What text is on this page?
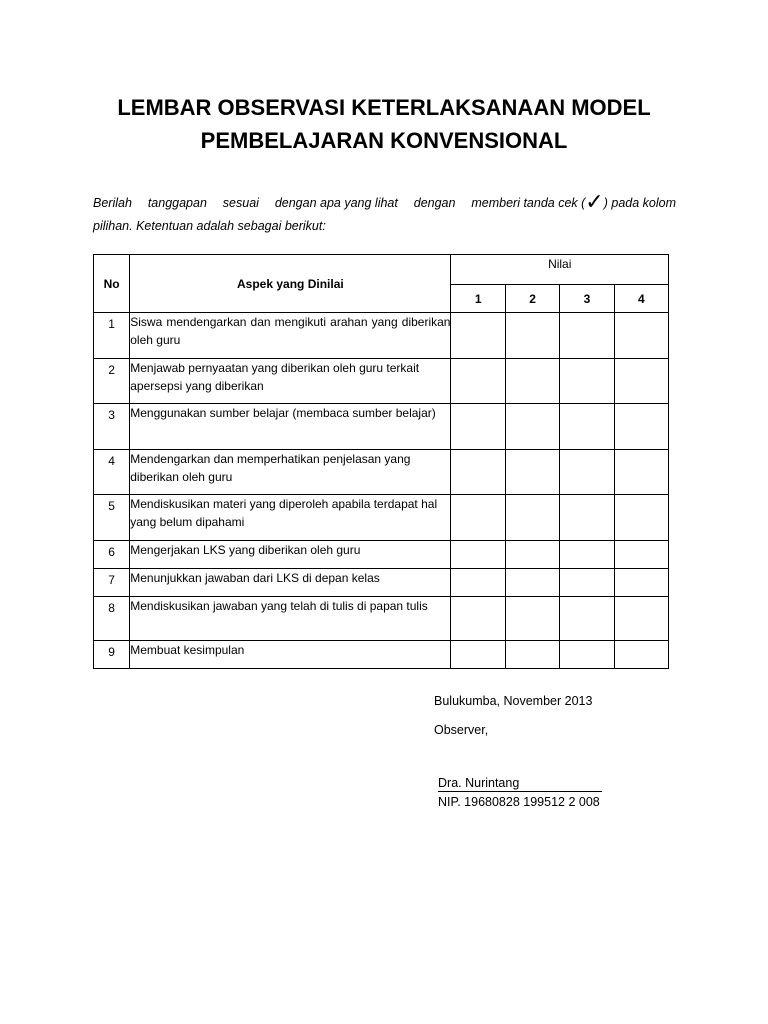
LEMBAR OBSERVASI KETERLAKSANAAN MODEL
PEMBELAJARAN KONVENSIONAL
Berilah tanggapan sesuai dengan apa yang lihat dengan memberi tanda cek (✓) pada kolom
pilihan. Ketentuan adalah sebagai berikut:
No	Aspek yang Dinilai	Nilai			
		1	2	3	4
1	Siswa mendengarkan dan mengikuti arahan yang diberikan oleh guru				
2	Menjawab pernyaatan yang diberikan oleh guru terkait apersepsi yang diberikan				
3	Menggunakan sumber belajar (membaca sumber belajar)				
4	Mendengarkan dan memperhatikan penjelasan yang diberikan oleh guru				
5	Mendiskusikan materi yang diperoleh apabila terdapat hal yang belum dipahami				
6	Mengerjakan LKS yang diberikan oleh guru				
7	Menunjukkan jawaban dari LKS di depan kelas				
8	Mendiskusikan jawaban yang telah di tulis di papan tulis				
9	Membuat kesimpulan				
Bulukumba, November 2013
Observer,
Dra. Nurintang
NIP. 19680828 199512 2 008
